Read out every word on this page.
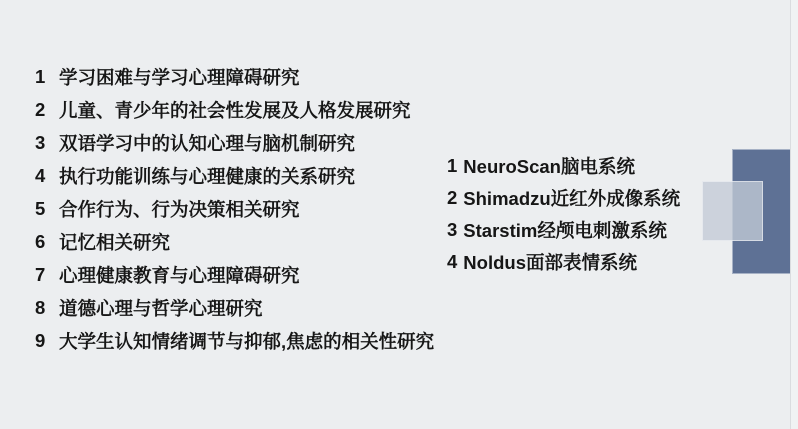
1 学习困难与学习心理障碍研究
2 儿童、青少年的社会性发展及人格发展研究
3 双语学习中的认知心理与脑机制研究
4 执行功能训练与心理健康的关系研究
5 合作行为、行为决策相关研究
6 记忆相关研究
7 心理健康教育与心理障碍研究
8 道德心理与哲学心理研究
9 大学生认知情绪调节与抑郁,焦虑的相关性研究
1 NeuroScan脑电系统
2 Shimadzu近红外成像系统
3 Starstim经颅电刺激系统
4 Noldus面部表情系统
